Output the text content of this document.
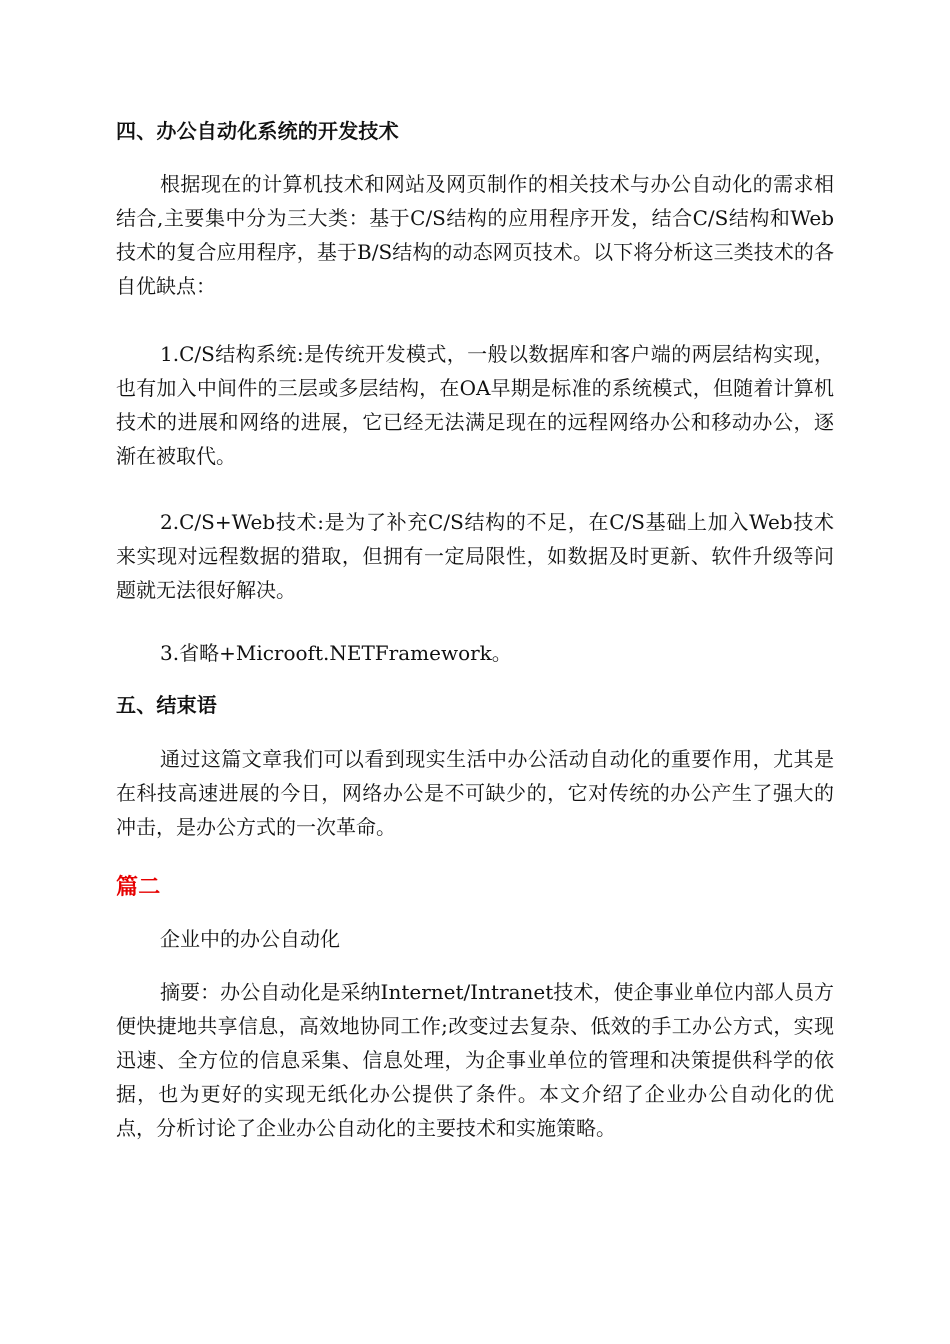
四、办公自动化系统的开发技术
根据现在的计算机技术和网站及网页制作的相关技术与办公自动化的需求相结合,主要集中分为三大类：基于C/S结构的应用程序开发，结合C/S结构和Web技术的复合应用程序，基于B/S结构的动态网页技术。以下将分析这三类技术的各自优缺点：
1.C/S结构系统:是传统开发模式，一般以数据库和客户端的两层结构实现，也有加入中间件的三层或多层结构，在OA早期是标准的系统模式，但随着计算机技术的进展和网络的进展，它已经无法满足现在的远程网络办公和移动办公，逐渐在被取代。
2.C/S+Web技术:是为了补充C/S结构的不足，在C/S基础上加入Web技术来实现对远程数据的猎取，但拥有一定局限性，如数据及时更新、软件升级等问题就无法很好解决。
3.省略+Microoft.NETFramework。
五、结束语
通过这篇文章我们可以看到现实生活中办公活动自动化的重要作用，尤其是在科技高速进展的今日，网络办公是不可缺少的，它对传统的办公产生了强大的冲击，是办公方式的一次革命。
篇二
企业中的办公自动化
摘要：办公自动化是采纳Internet/Intranet技术，使企事业单位内部人员方便快捷地共享信息，高效地协同工作;改变过去复杂、低效的手工办公方式，实现迅速、全方位的信息采集、信息处理，为企事业单位的管理和决策提供科学的依据，也为更好的实现无纸化办公提供了条件。本文介绍了企业办公自动化的优点，分析讨论了企业办公自动化的主要技术和实施策略。
